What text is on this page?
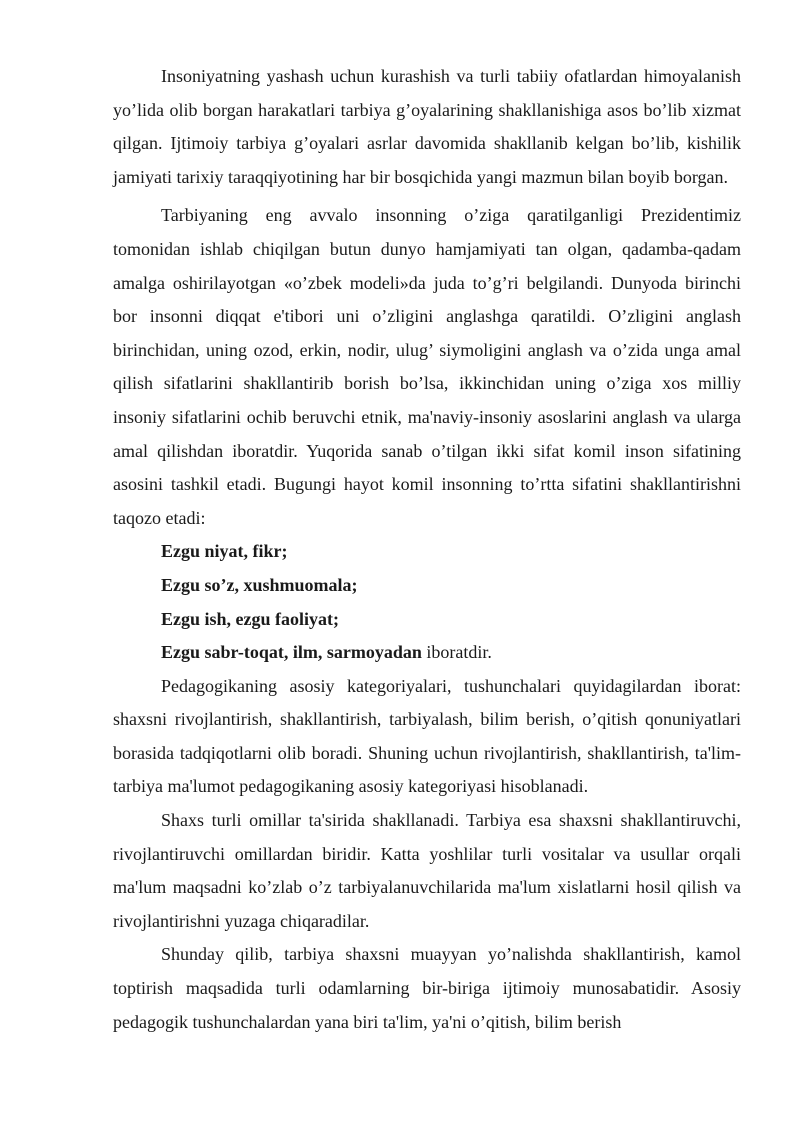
Insoniyatning yashash uchun kurashish va turli tabiiy ofatlardan himoyalanish yo’lida olib borgan harakatlari tarbiya g’oyalarining shakllanishiga asos bo’lib xizmat qilgan. Ijtimoiy tarbiya g’oyalari asrlar davomida shakllanib kelgan bo’lib, kishilik jamiyati tarixiy taraqqiyotining har bir bosqichida yangi mazmun bilan boyib borgan.

Tarbiyaning eng avvalo insonning o’ziga qaratilganligi Prezidentimiz tomonidan ishlab chiqilgan butun dunyo hamjamiyati tan olgan, qadamba-qadam amalga oshirilayotgan «o’zbek modeli»da juda to’g’ri belgilandi. Dunyoda birinchi bor insonni diqqat e'tibori uni o’zligini anglashga qaratildi. O’zligini anglash birinchidan, uning ozod, erkin, nodir, ulug’ siymoligini anglash va o’zida unga amal qilish sifatlarini shakllantirib borish bo’lsa, ikkinchidan uning o’ziga xos milliy insoniy sifatlarini ochib beruvchi etnik, ma'naviy-insoniy asoslarini anglash va ularga amal qilishdan iboratdir. Yuqorida sanab o’tilgan ikki sifat komil inson sifatining asosini tashkil etadi. Bugungi hayot komil insonning to’rtta sifatini shakllantirishni taqozo etadi:

Ezgu niyat, fikr;

Ezgu so’z, xushmuomala;

Ezgu ish, ezgu faoliyat;

Ezgu sabr-toqat, ilm, sarmoyadan iboratdir.

Pedagogikaning asosiy kategoriyalari, tushunchalari quyidagilardan iborat: shaxsni rivojlantirish, shakllantirish, tarbiyalash, bilim berish, o’qitish qonuniyatlari borasida tadqiqotlarni olib boradi. Shuning uchun rivojlantirish, shakllantirish, ta'lim-tarbiya ma'lumot pedagogikaning asosiy kategoriyasi hisoblanadi.

Shaxs turli omillar ta'sirida shakllanadi. Tarbiya esa shaxsni shakllantiruvchi, rivojlantiruvchi omillardan biridir. Katta yoshlilar turli vositalar va usullar orqali ma'lum maqsadni ko’zlab o’z tarbiyalanuvchilarida ma'lum xislatlarni hosil qilish va rivojlantirishni yuzaga chiqaradilar.

Shunday qilib, tarbiya shaxsni muayyan yo’nalishda shakllantirish, kamol toptirish maqsadida turli odamlarning bir-biriga ijtimoiy munosabatidir. Asosiy pedagogik tushunchalardan yana biri ta'lim, ya'ni o’qitish, bilim berish
